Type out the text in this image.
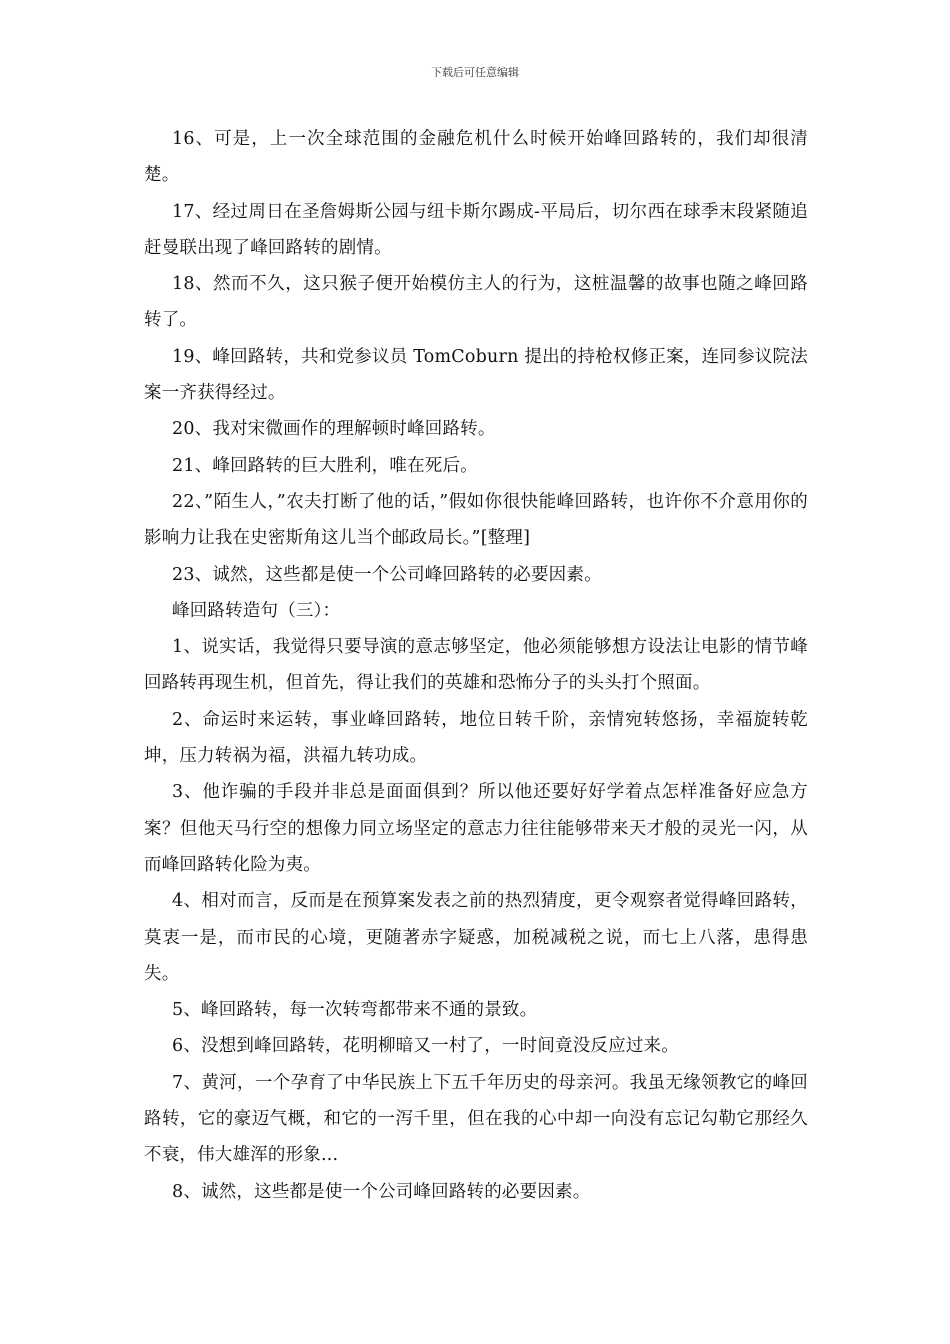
下载后可任意编辑

16、可是，上一次全球范围的金融危机什么时候开始峰回路转的，我们却很清楚。

17、经过周日在圣詹姆斯公园与纽卡斯尔踢成-平局后，切尔西在球季末段紧随追赶曼联出现了峰回路转的剧情。

18、然而不久，这只猴子便开始模仿主人的行为，这桩温馨的故事也随之峰回路转了。

19、峰回路转，共和党参议员 TomCoburn 提出的持枪权修正案，连同参议院法案一齐获得经过。

20、我对宋微画作的理解顿时峰回路转。

21、峰回路转的巨大胜利，唯在死后。

22、”陌生人，”农夫打断了他的话，”假如你很快能峰回路转，也许你不介意用你的影响力让我在史密斯角这儿当个邮政局长。”[整理]

23、诚然，这些都是使一个公司峰回路转的必要因素。

峰回路转造句（三）：

1、说实话，我觉得只要导演的意志够坚定，他必须能够想方设法让电影的情节峰回路转再现生机，但首先，得让我们的英雄和恐怖分子的头头打个照面。

2、命运时来运转，事业峰回路转，地位日转千阶，亲情宛转悠扬，幸福旋转乾坤，压力转祸为福，洪福九转功成。

3、他诈骗的手段并非总是面面俱到？所以他还要好好学着点怎样准备好应急方案？但他天马行空的想像力同立场坚定的意志力往往能够带来天才般的灵光一闪，从而峰回路转化险为夷。

4、相对而言，反而是在预算案发表之前的热烈猜度，更令观察者觉得峰回路转，莫衷一是，而市民的心境，更随著赤字疑惑，加税减税之说，而七上八落，患得患失。

5、峰回路转，每一次转弯都带来不通的景致。

6、没想到峰回路转，花明柳暗又一村了，一时间竟没反应过来。

7、黄河，一个孕育了中华民族上下五千年历史的母亲河。我虽无缘领教它的峰回路转，它的豪迈气概，和它的一泻千里，但在我的心中却一向没有忘记勾勒它那经久不衰，伟大雄浑的形象...

8、诚然，这些都是使一个公司峰回路转的必要因素。
